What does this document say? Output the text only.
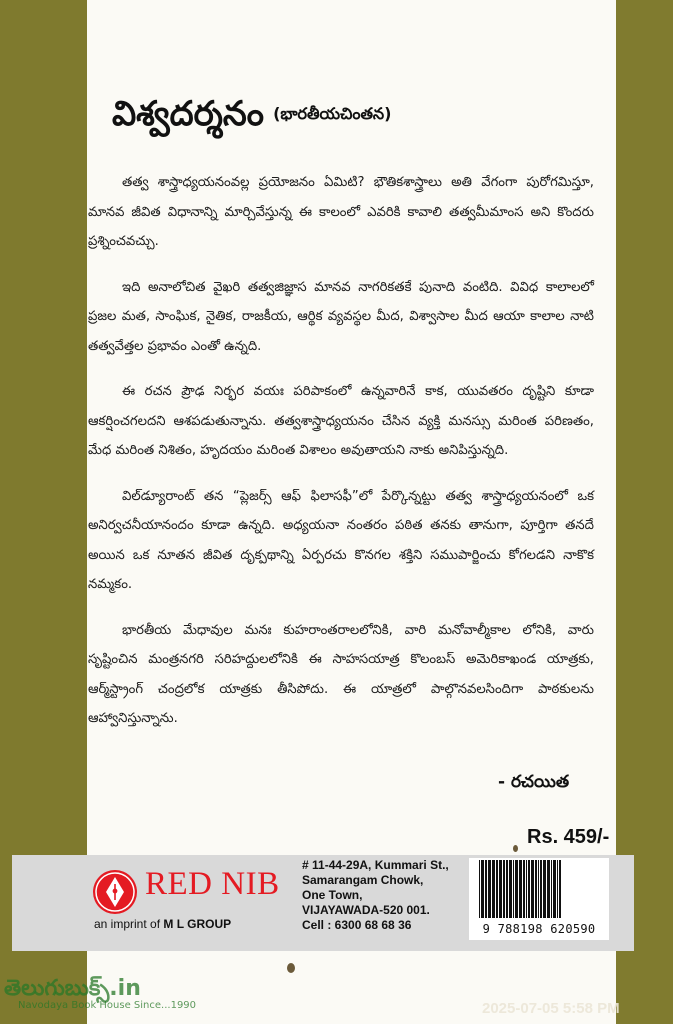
విశ్వదర్శనం (భారతీయచింతన)

తత్వ శాస్త్రాధ్యయనంవల్ల ప్రయోజనం ఏమిటి? భౌతికశాస్త్రాలు అతి వేగంగా పురోగమిస్తూ, మానవ జీవిత విధానాన్ని మార్చివేస్తున్న ఈ కాలంలో ఎవరికి కావాలి తత్వమీమాంస అని కొందరు ప్రశ్నించవచ్చు.

ఇది అనాలోచిత వైఖరి తత్వజిజ్ఞాస మానవ నాగరికతకే పునాది వంటిది. వివిధ కాలాలలో ప్రజల మత, సాంఘిక, నైతిక, రాజకీయ, ఆర్థిక వ్యవస్థల మీద, విశ్వాసాల మీద ఆయా కాలాల నాటి తత్వవేత్తల ప్రభావం ఎంతో ఉన్నది.

ఈ రచన ప్రౌఢ నిర్భర వయః పరిపాకంలో ఉన్నవారినే కాక, యువతరం దృష్టిని కూడా ఆకర్షించగలదని ఆశపడుతున్నాను. తత్వశాస్త్రాధ్యయనం చేసిన వ్యక్తి మనస్సు మరింత పరిణతం, మేధ మరింత నిశితం, హృదయం మరింత విశాలం అవుతాయని నాకు అనిపిస్తున్నది.

విల్‌డ్యూరాంట్ తన “ప్లెజర్స్ ఆఫ్ ఫిలాసఫీ”లో పేర్కొన్నట్టు తత్వ శాస్త్రాధ్యయనంలో ఒక అనిర్వచనీయానందం కూడా ఉన్నది. అధ్యయనా నంతరం పఠిత తనకు తానుగా, పూర్తిగా తనదే అయిన ఒక నూతన జీవిత దృక్పథాన్ని ఏర్పరచు కొనగల శక్తిని సముపార్జించు కోగలడని నాకొక నమ్మకం.

భారతీయ మేధావుల మనః కుహరాంతరాలలోనికి, వారి మనోవాల్మీకాల లోనికి, వారు సృష్టించిన మంత్రనగరి సరిహద్దులలోనికి ఈ సాహసయాత్ర కొలంబస్ అమెరికాఖండ యాత్రకు, ఆర్మ్‌స్ట్రాంగ్ చంద్రలోక యాత్రకు తీసిపోదు. ఈ యాత్రలో పాల్గొనవలసిందిగా పాఠకులను ఆహ్వానిస్తున్నాను.

- రచయిత
Rs. 459/-
RED NIB
an imprint of M L GROUP
# 11-44-29A, Kummari St.,
Samarangam Chowk,
One Town,
VIJAYAWADA-520 001.
Cell : 6300 68 68 36	9 788198 620590
తెలుగుబుక్స్.in
Navodaya Book House Since...1990	2025-07-05 5:58 PM
